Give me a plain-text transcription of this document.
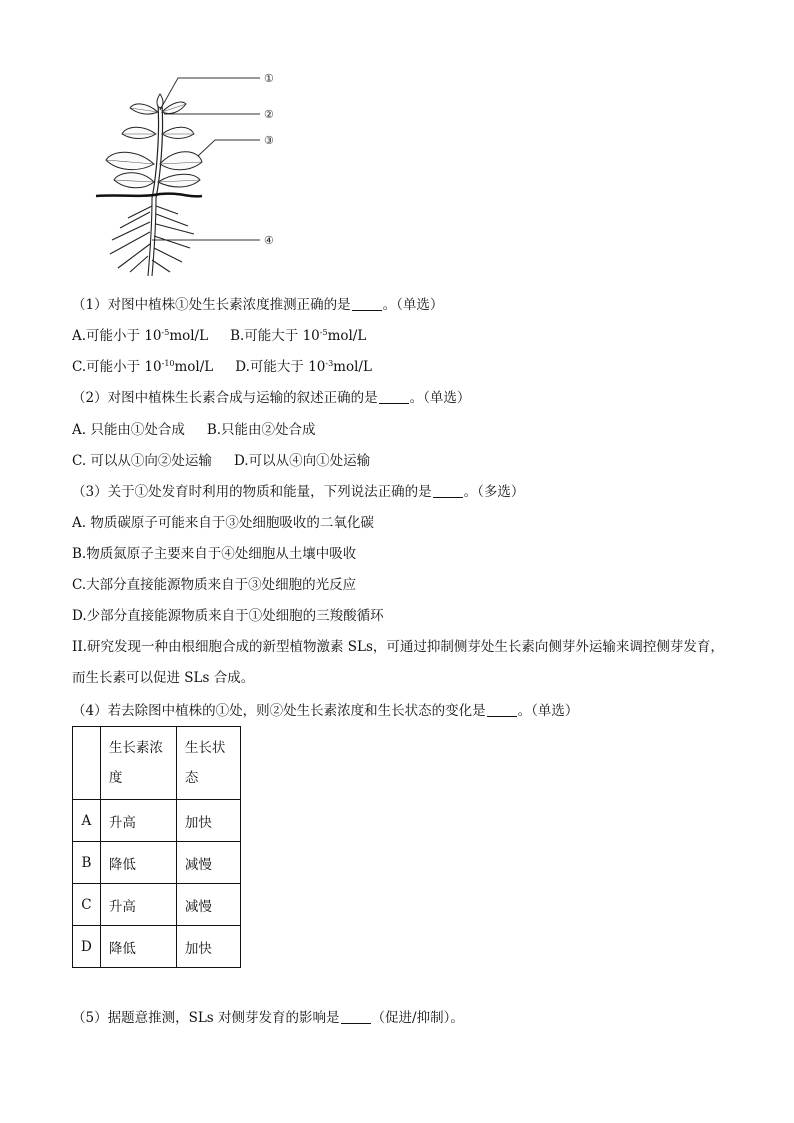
①
②
③
④
（1）对图中植株①处生长素浓度推测正确的是 。（单选）
A.可能小于 $10^{-5}mol/L$ B.可能大于 $10^{-5}mol/L$
C.可能小于 $10^{-10}mol/L$ D.可能大于 $10^{-3}mol/L$
（2）对图中植株生长素合成与运输的叙述正确的是 。（单选）
A. 只能由①处合成 B.只能由②处合成
C. 可以从①向②处运输 D.可以从④向①处运输
（3）关于①处发育时利用的物质和能量，下列说法正确的是 。（多选）
A. 物质碳原子可能来自于③处细胞吸收的二氧化碳
B.物质氮原子主要来自于④处细胞从土壤中吸收
C.大部分直接能源物质来自于③处细胞的光反应
D.少部分直接能源物质来自于①处细胞的三羧酸循环
II.研究发现一种由根细胞合成的新型植物激素 SLs，可通过抑制侧芽处生长素向侧芽外运输来调控侧芽发育，而生长素可以促进 SLs 合成。
（4）若去除图中植株的①处，则②处生长素浓度和生长状态的变化是 。（单选）
	生长素浓度	生长状态
A	升高	加快
B	降低	减慢
C	升高	减慢
D	降低	加快
（5）据题意推测，SLs 对侧芽发育的影响是 （促进/抑制）。
